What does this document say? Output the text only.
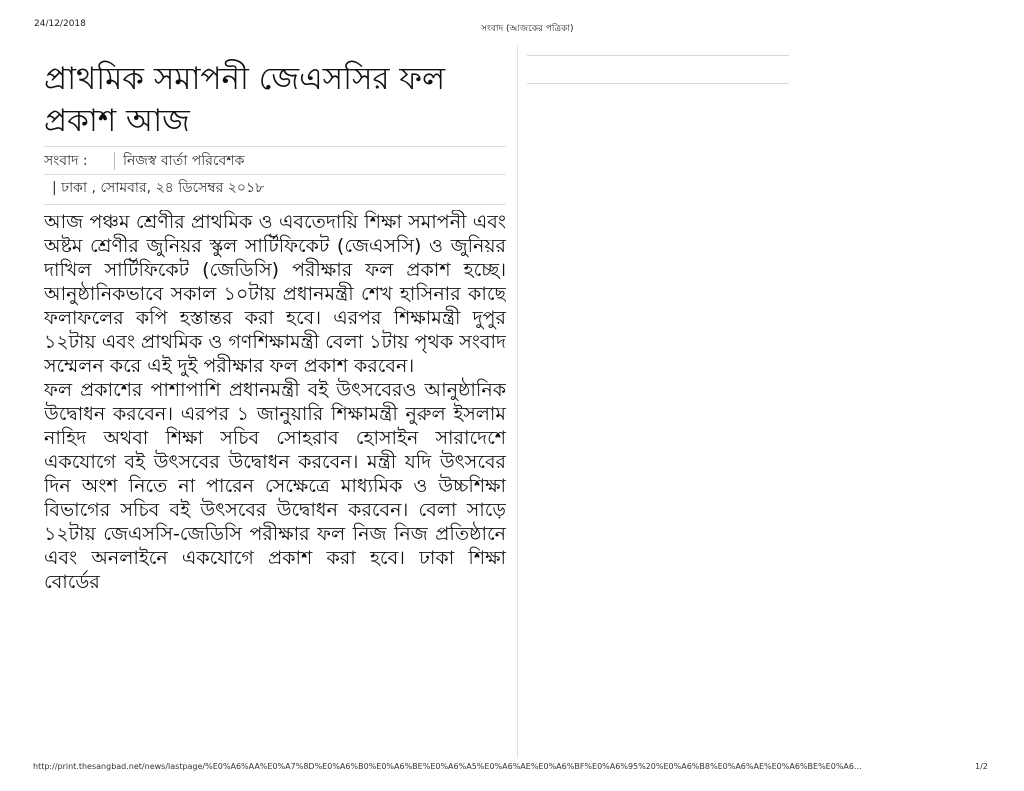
24/12/2018	সংবাদ (আজকের পত্রিকা)
প্রাথমিক সমাপনী জেএসসির ফল প্রকাশ আজ
সংবাদ :	নিজস্ব বার্তা পরিবেশক
| ঢাকা , সোমবার, ২৪ ডিসেম্বর ২০১৮

আজ পঞ্চম শ্রেণীর প্রাথমিক ও এবতেদায়ি শিক্ষা সমাপনী এবং অষ্টম শ্রেণীর জুনিয়র স্কুল সার্টিফিকেট (জেএসসি) ও জুনিয়র দাখিল সার্টিফিকেট (জেডিসি) পরীক্ষার ফল প্রকাশ হচ্ছে। আনুষ্ঠানিকভাবে সকাল ১০টায় প্রধানমন্ত্রী শেখ হাসিনার কাছে ফলাফলের কপি হস্তান্তর করা হবে। এরপর শিক্ষামন্ত্রী দুপুর ১২টায় এবং প্রাথমিক ও গণশিক্ষামন্ত্রী বেলা ১টায় পৃথক সংবাদ সম্মেলন করে এই দুই পরীক্ষার ফল প্রকাশ করবেন।

ফল প্রকাশের পাশাপাশি প্রধানমন্ত্রী বই উৎসবেরও আনুষ্ঠানিক উদ্বোধন করবেন। এরপর ১ জানুয়ারি শিক্ষামন্ত্রী নুরুল ইসলাম নাহিদ অথবা শিক্ষা সচিব সোহরাব হোসাইন সারাদেশে একযোগে বই উৎসবের উদ্বোধন করবেন। মন্ত্রী যদি উৎসবের দিন অংশ নিতে না পারেন সেক্ষেত্রে মাধ্যমিক ও উচ্চশিক্ষা বিভাগের সচিব বই উৎসবের উদ্বোধন করবেন। বেলা সাড়ে ১২টায় জেএসসি-জেডিসি পরীক্ষার ফল নিজ নিজ প্রতিষ্ঠানে এবং অনলাইনে একযোগে প্রকাশ করা হবে। ঢাকা শিক্ষা বোর্ডের

http://print.thesangbad.net/news/lastpage/%E0%A6%AA%E0%A7%8D%E0%A6%B0%E0%A6%BE%E0%A6%A5%E0%A6%AE%E0%A6%BF%E0%A6%95%20%E0%A6%B8%E0%A6%AE%E0%A6%BE%E0%A6...	1/2
